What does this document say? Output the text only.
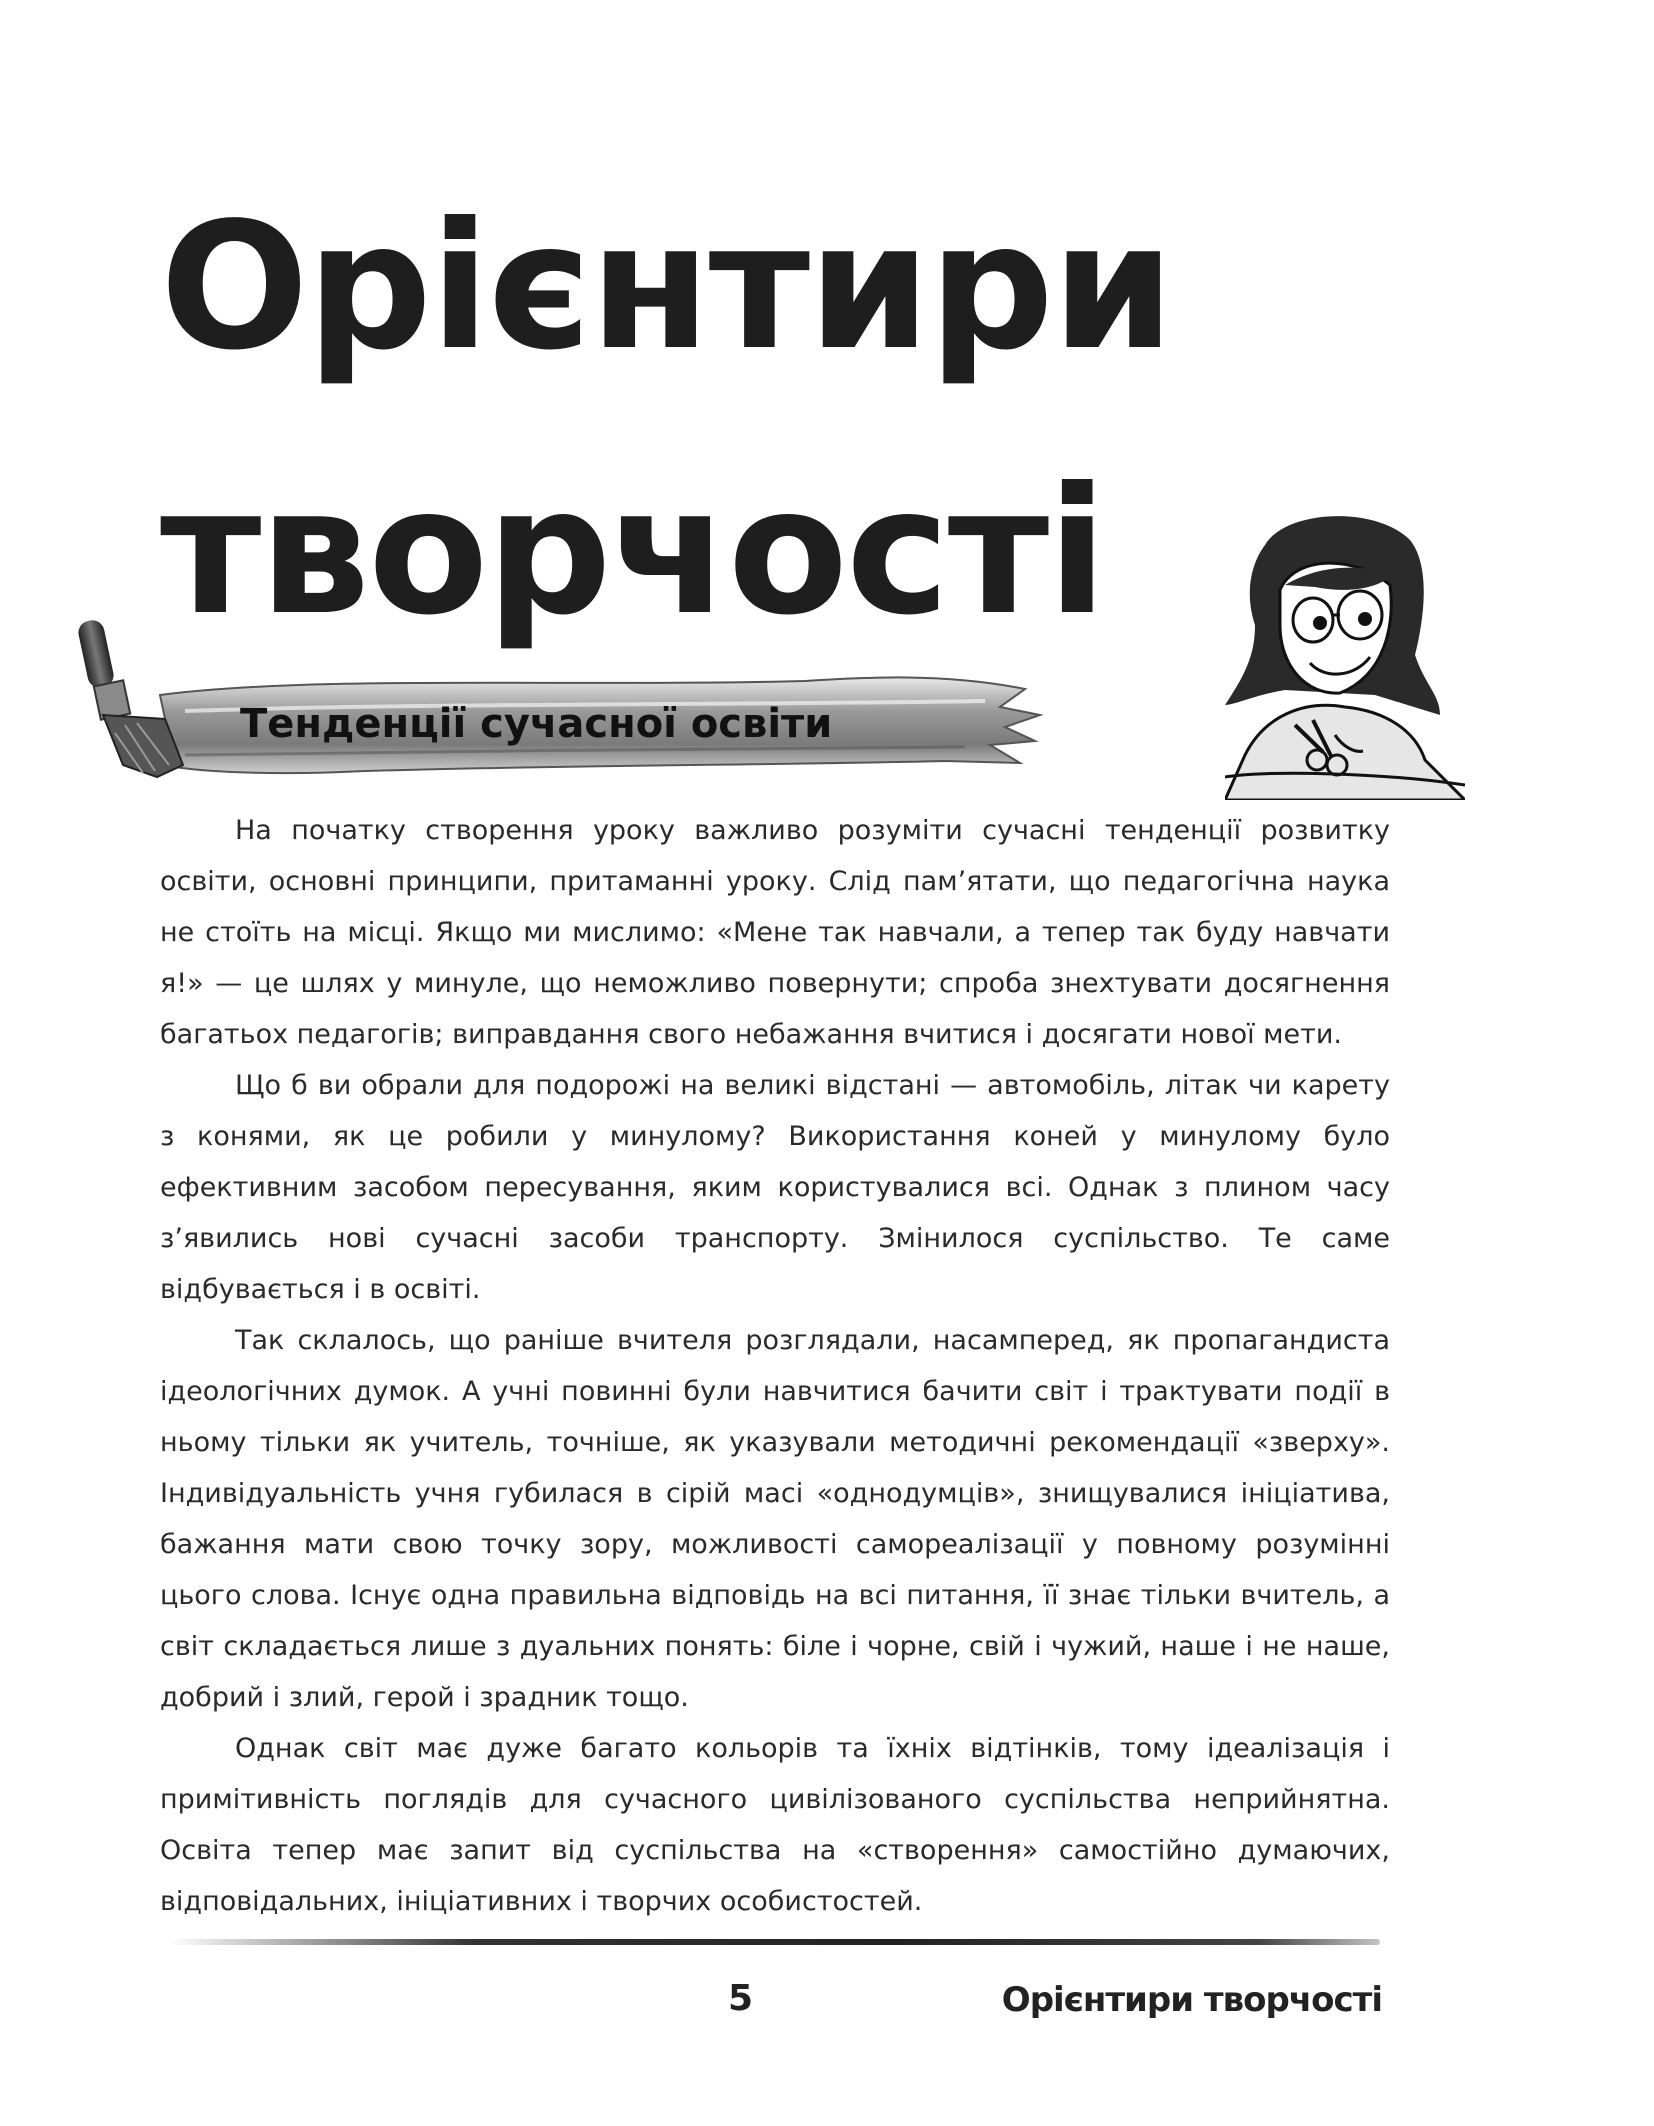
Орієнтири
творчості
Тенденції сучасної освіти

На початку створення уроку важливо розуміти сучасні тенденції розвитку освіти, основні принципи, притаманні уроку. Слід пам’ятати, що педагогічна наука не стоїть на місці. Якщо ми мислимо: «Мене так навчали, а тепер так буду навчати я!» — це шлях у минуле, що неможливо повернути; спроба знехтувати досягнення багатьох педагогів; виправдання свого небажання вчитися і досягати нової мети.

Що б ви обрали для подорожі на великі відстані — автомобіль, літак чи карету з конями, як це робили у минулому? Використання коней у минулому було ефективним засобом пересування, яким користувалися всі. Однак з плином часу з’явились нові сучасні засоби транспорту. Змінилося суспільство. Те саме відбувається і в освіті.

Так склалось, що раніше вчителя розглядали, насамперед, як пропагандиста ідеологічних думок. А учні повинні були навчитися бачити світ і трактувати події в ньому тільки як учитель, точніше, як указували методичні рекомендації «зверху». Індивідуальність учня губилася в сірій масі «однодумців», знищувалися ініціатива, бажання мати свою точку зору, можливості самореалізації у повному розумінні цього слова. Існує одна правильна відповідь на всі питання, її знає тільки вчитель, а світ складається лише з дуальних понять: біле і чорне, свій і чужий, наше і не наше, добрий і злий, герой і зрадник тощо.

Однак світ має дуже багато кольорів та їхніх відтінків, тому ідеалізація і примітивність поглядів для сучасного цивілізованого суспільства неприйнятна. Освіта тепер має запит від суспільства на «створення» самостійно думаючих, відповідальних, ініціативних і творчих особистостей.

5	Орієнтири творчості
